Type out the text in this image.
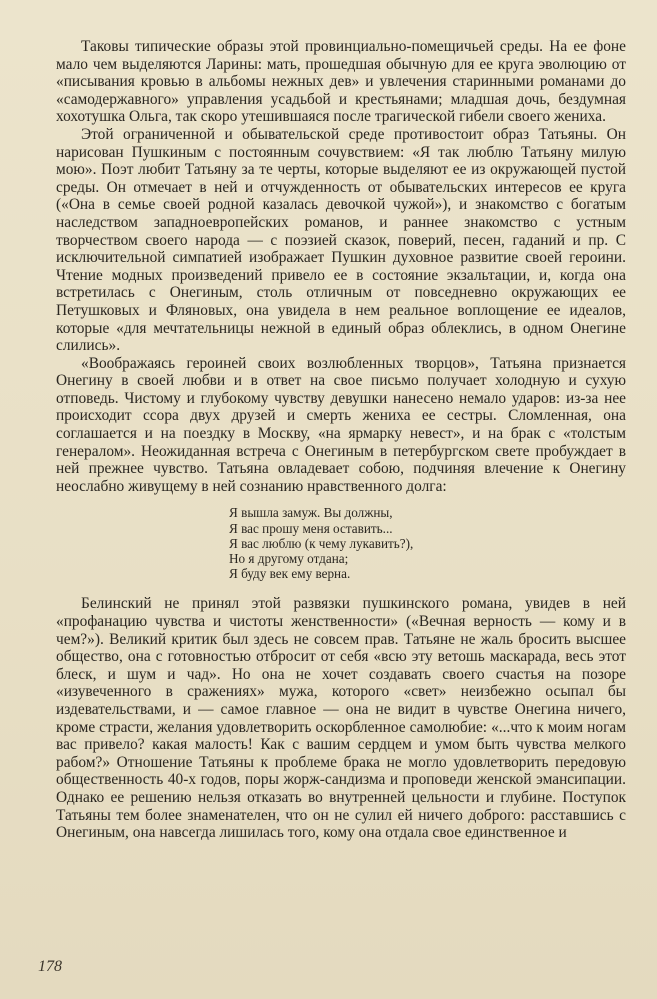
Таковы типические образы этой провинциально-помещичьей среды. На ее фоне мало чем выделяются Ларины: мать, прошедшая обычную для ее круга эволюцию от «писывания кровью в альбомы нежных дев» и увлечения старинными романами до «самодержавного» управления усадьбой и крестьянами; младшая дочь, бездумная хохотушка Ольга, так скоро утешившаяся после трагической гибели своего жениха.

Этой ограниченной и обывательской среде противостоит образ Татьяны. Он нарисован Пушкиным с постоянным сочувствием: «Я так люблю Татьяну милую мою». Поэт любит Татьяну за те черты, которые выделяют ее из окружающей пустой среды. Он отмечает в ней и отчужденность от обывательских интересов ее круга («Она в семье своей родной казалась девочкой чужой»), и знакомство с богатым наследством западноевропейских романов, и раннее знакомство с устным творчеством своего народа — с поэзией сказок, поверий, песен, гаданий и пр. С исключительной симпатией изображает Пушкин духовное развитие своей героини. Чтение модных произведений привело ее в состояние экзальтации, и, когда она встретилась с Онегиным, столь отличным от повседневно окружающих ее Петушковых и Фляновых, она увидела в нем реальное воплощение ее идеалов, которые «для мечтательницы нежной в единый образ облеклись, в одном Онегине слились».

«Воображаясь героиней своих возлюбленных творцов», Татьяна признается Онегину в своей любви и в ответ на свое письмо получает холодную и сухую отповедь. Чистому и глубокому чувству девушки нанесено немало ударов: из-за нее происходит ссора двух друзей и смерть жениха ее сестры. Сломленная, она соглашается и на поездку в Москву, «на ярмарку невест», и на брак с «толстым генералом». Неожиданная встреча с Онегиным в петербургском свете пробуждает в ней прежнее чувство. Татьяна овладевает собою, подчиняя влечение к Онегину неослабно живущему в ней сознанию нравственного долга:

Я вышла замуж. Вы должны,
Я вас прошу меня оставить...
Я вас люблю (к чему лукавить?),
Но я другому отдана;
Я буду век ему верна.

Белинский не принял этой развязки пушкинского романа, увидев в ней «профанацию чувства и чистоты женственности» («Вечная верность — кому и в чем?»). Великий критик был здесь не совсем прав. Татьяне не жаль бросить высшее общество, она с готовностью отбросит от себя «всю эту ветошь маскарада, весь этот блеск, и шум и чад». Но она не хочет создавать своего счастья на позоре «изувеченного в сражениях» мужа, которого «свет» неизбежно осыпал бы издевательствами, и — самое главное — она не видит в чувстве Онегина ничего, кроме страсти, желания удовлетворить оскорбленное самолюбие: «...что к моим ногам вас привело? какая малость! Как с вашим сердцем и умом быть чувства мелкого рабом?» Отношение Татьяны к проблеме брака не могло удовлетворить передовую общественность 40-х годов, поры жорж-сандизма и проповеди женской эмансипации. Однако ее решению нельзя отказать во внутренней цельности и глубине. Поступок Татьяны тем более знаменателен, что он не сулил ей ничего доброго: расставшись с Онегиным, она навсегда лишилась того, кому она отдала свое единственное и

178
